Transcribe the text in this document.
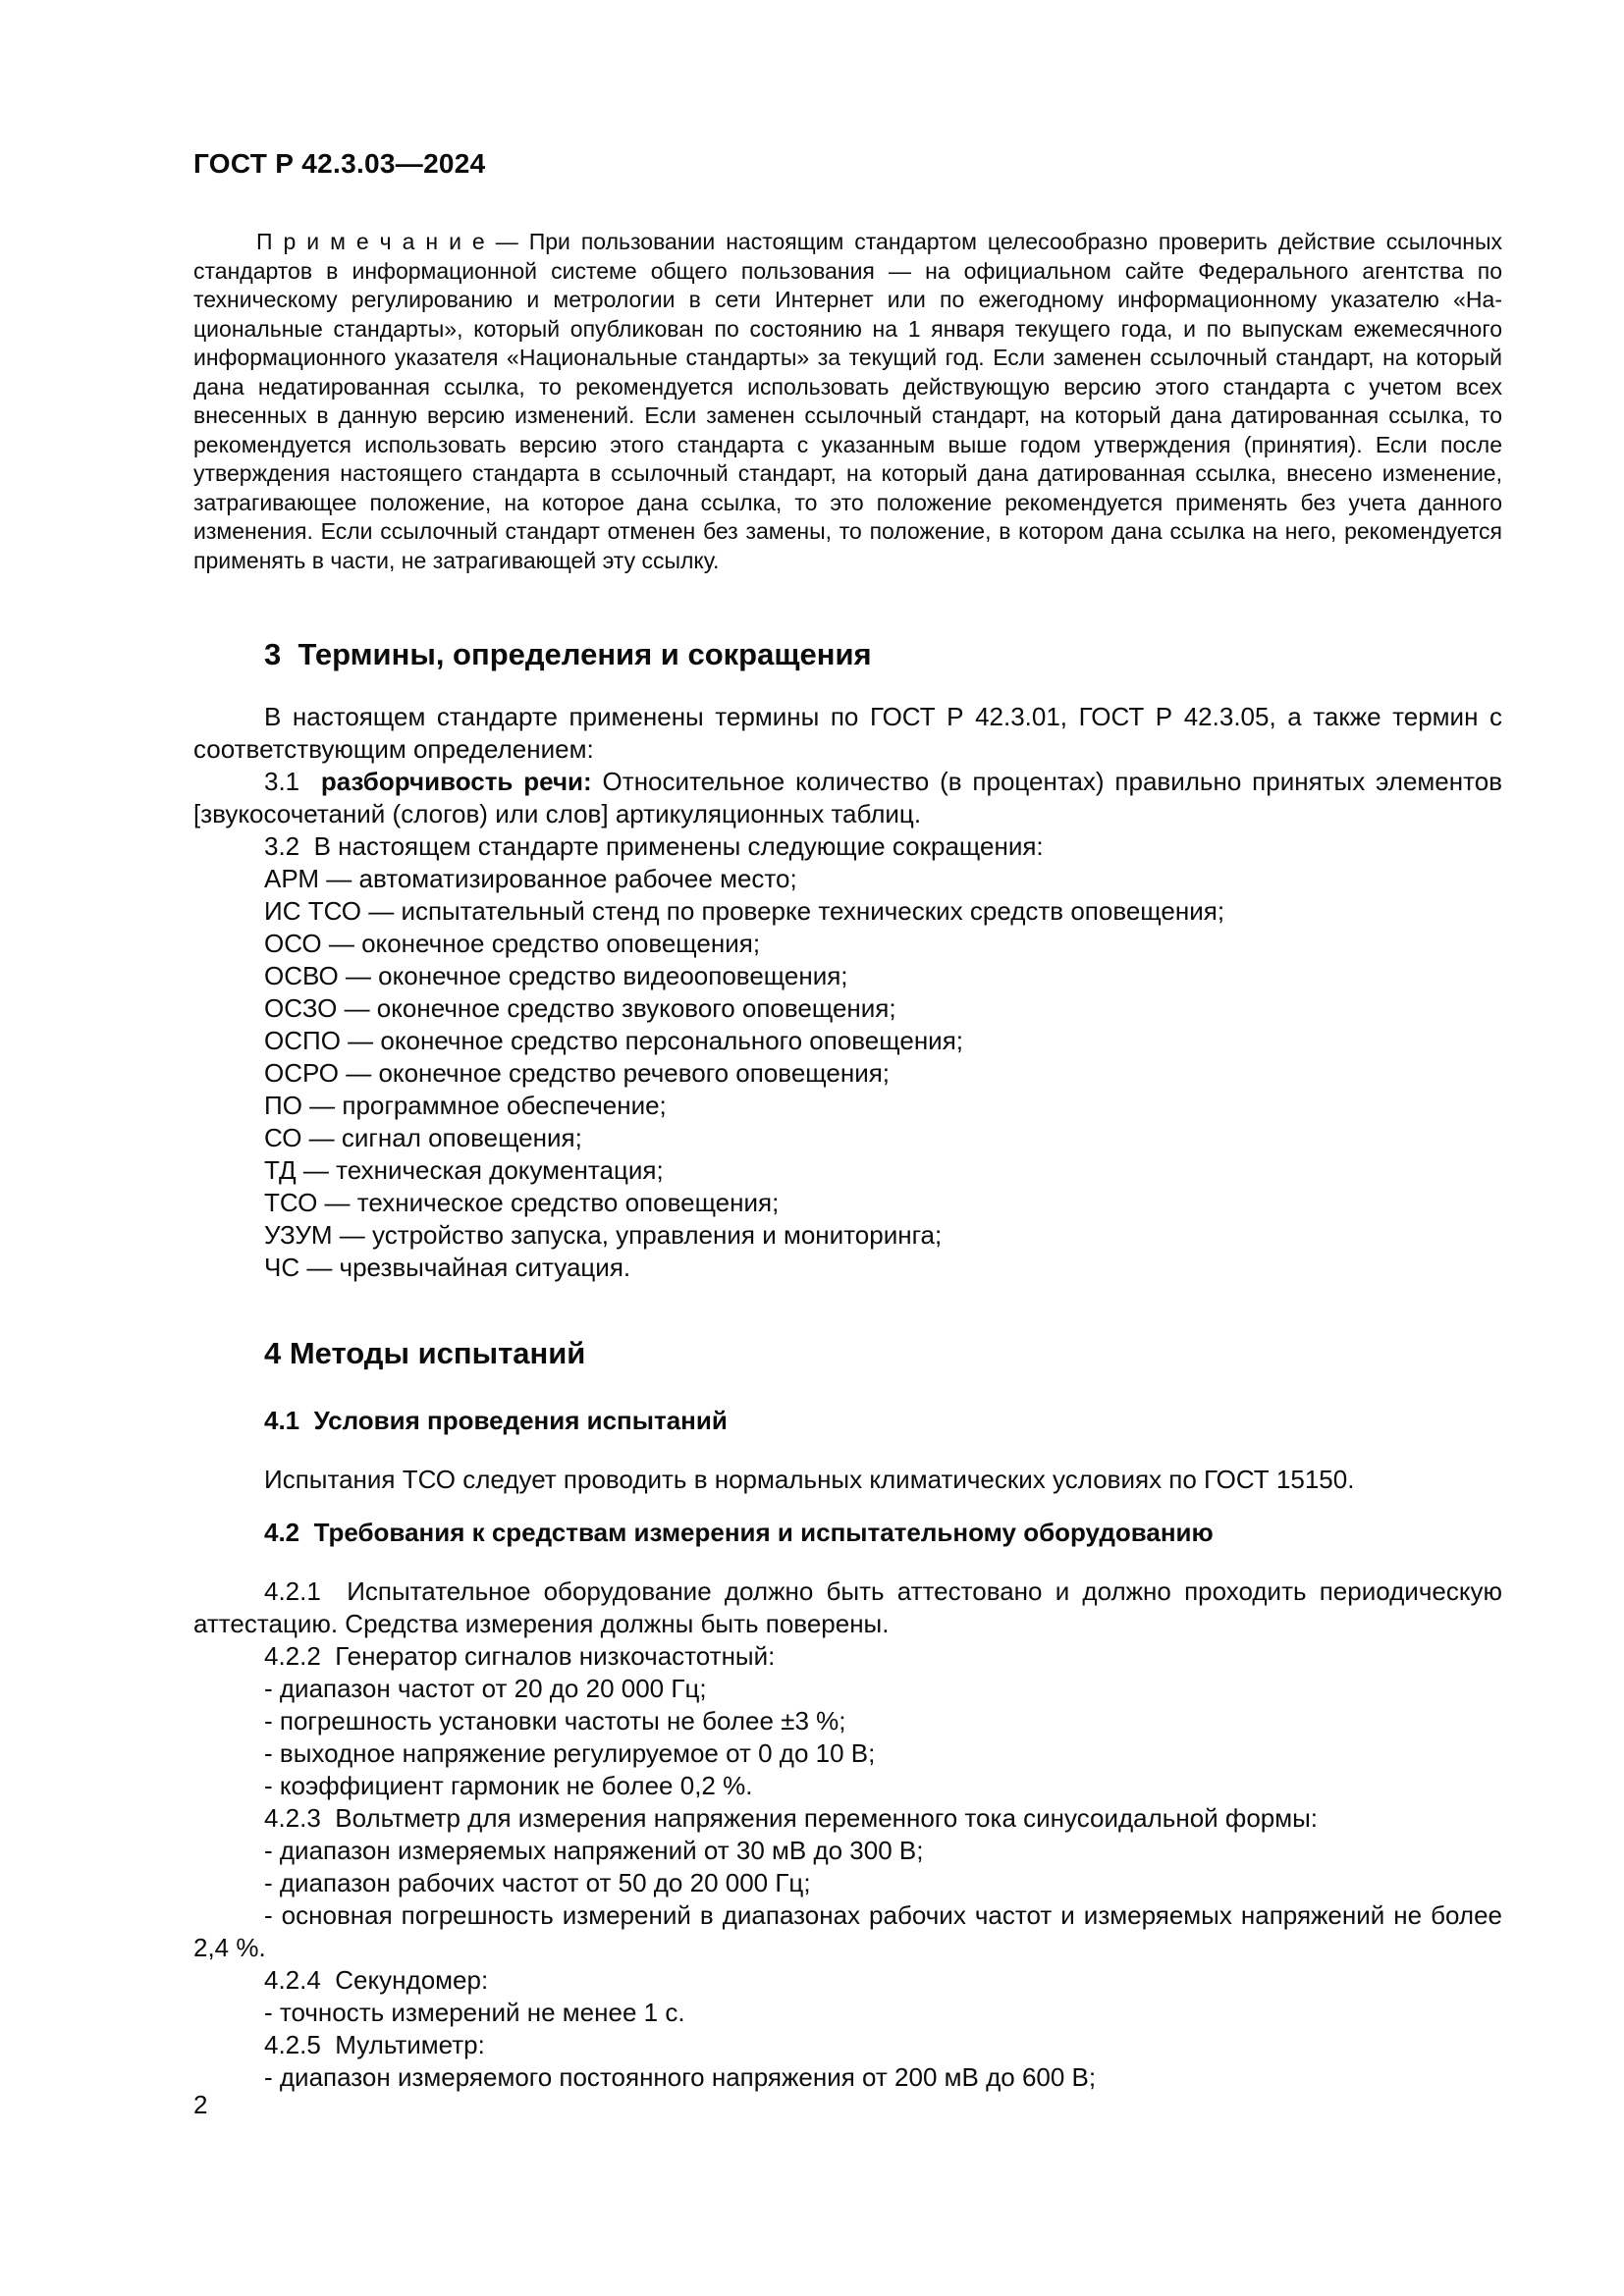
ГОСТ Р 42.3.03—2024

П р и м е ч а н и е — При пользовании настоящим стандартом целесообразно проверить действие ссылочных стандартов в информационной системе общего пользования — на официальном сайте Федерального агентства по техническому регулированию и метрологии в сети Интернет или по ежегодному информационному указателю «Национальные стандарты», который опубликован по состоянию на 1 января текущего года, и по выпускам ежемесячного информационного указателя «Национальные стандарты» за текущий год. Если заменен ссылочный стандарт, на который дана недатированная ссылка, то рекомендуется использовать действующую версию этого стандарта с учетом всех внесенных в данную версию изменений. Если заменен ссылочный стандарт, на который дана датированная ссылка, то рекомендуется использовать версию этого стандарта с указанным выше годом утверждения (принятия). Если после утверждения настоящего стандарта в ссылочный стандарт, на который дана датированная ссылка, внесено изменение, затрагивающее положение, на которое дана ссылка, то это положение рекомендуется применять без учета данного изменения. Если ссылочный стандарт отменен без замены, то положение, в котором дана ссылка на него, рекомендуется применять в части, не затрагивающей эту ссылку.

3  Термины, определения и сокращения

В настоящем стандарте применены термины по ГОСТ Р 42.3.01, ГОСТ Р 42.3.05, а также термин с соответствующим определением:

3.1  разборчивость речи: Относительное количество (в процентах) правильно принятых элементов [звукосочетаний (слогов) или слов] артикуляционных таблиц.

3.2  В настоящем стандарте применены следующие сокращения:

АРМ — автоматизированное рабочее место;

ИС ТСО — испытательный стенд по проверке технических средств оповещения;

ОСО — оконечное средство оповещения;

ОСВО — оконечное средство видеооповещения;

ОСЗО — оконечное средство звукового оповещения;

ОСПО — оконечное средство персонального оповещения;

ОСРО — оконечное средство речевого оповещения;

ПО — программное обеспечение;

СО — сигнал оповещения;

ТД — техническая документация;

ТСО — техническое средство оповещения;

УЗУМ — устройство запуска, управления и мониторинга;

ЧС — чрезвычайная ситуация.

4 Методы испытаний
4.1  Условия проведения испытаний

Испытания ТСО следует проводить в нормальных климатических условиях по ГОСТ 15150.

4.2  Требования к средствам измерения и испытательному оборудованию

4.2.1  Испытательное оборудование должно быть аттестовано и должно проходить периодическую аттестацию. Средства измерения должны быть поверены.

4.2.2  Генератор сигналов низкочастотный:

- диапазон частот от 20 до 20 000 Гц;

- погрешность установки частоты не более ±3 %;

- выходное напряжение регулируемое от 0 до 10 В;

- коэффициент гармоник не более 0,2 %.

4.2.3  Вольтметр для измерения напряжения переменного тока синусоидальной формы:

- диапазон измеряемых напряжений от 30 мВ до 300 В;

- диапазон рабочих частот от 50 до 20 000 Гц;

- основная погрешность измерений в диапазонах рабочих частот и измеряемых напряжений не более 2,4 %.

4.2.4  Секундомер:

- точность измерений не менее 1 с.

4.2.5  Мультиметр:

- диапазон измеряемого постоянного напряжения от 200 мВ до 600 В;

2
